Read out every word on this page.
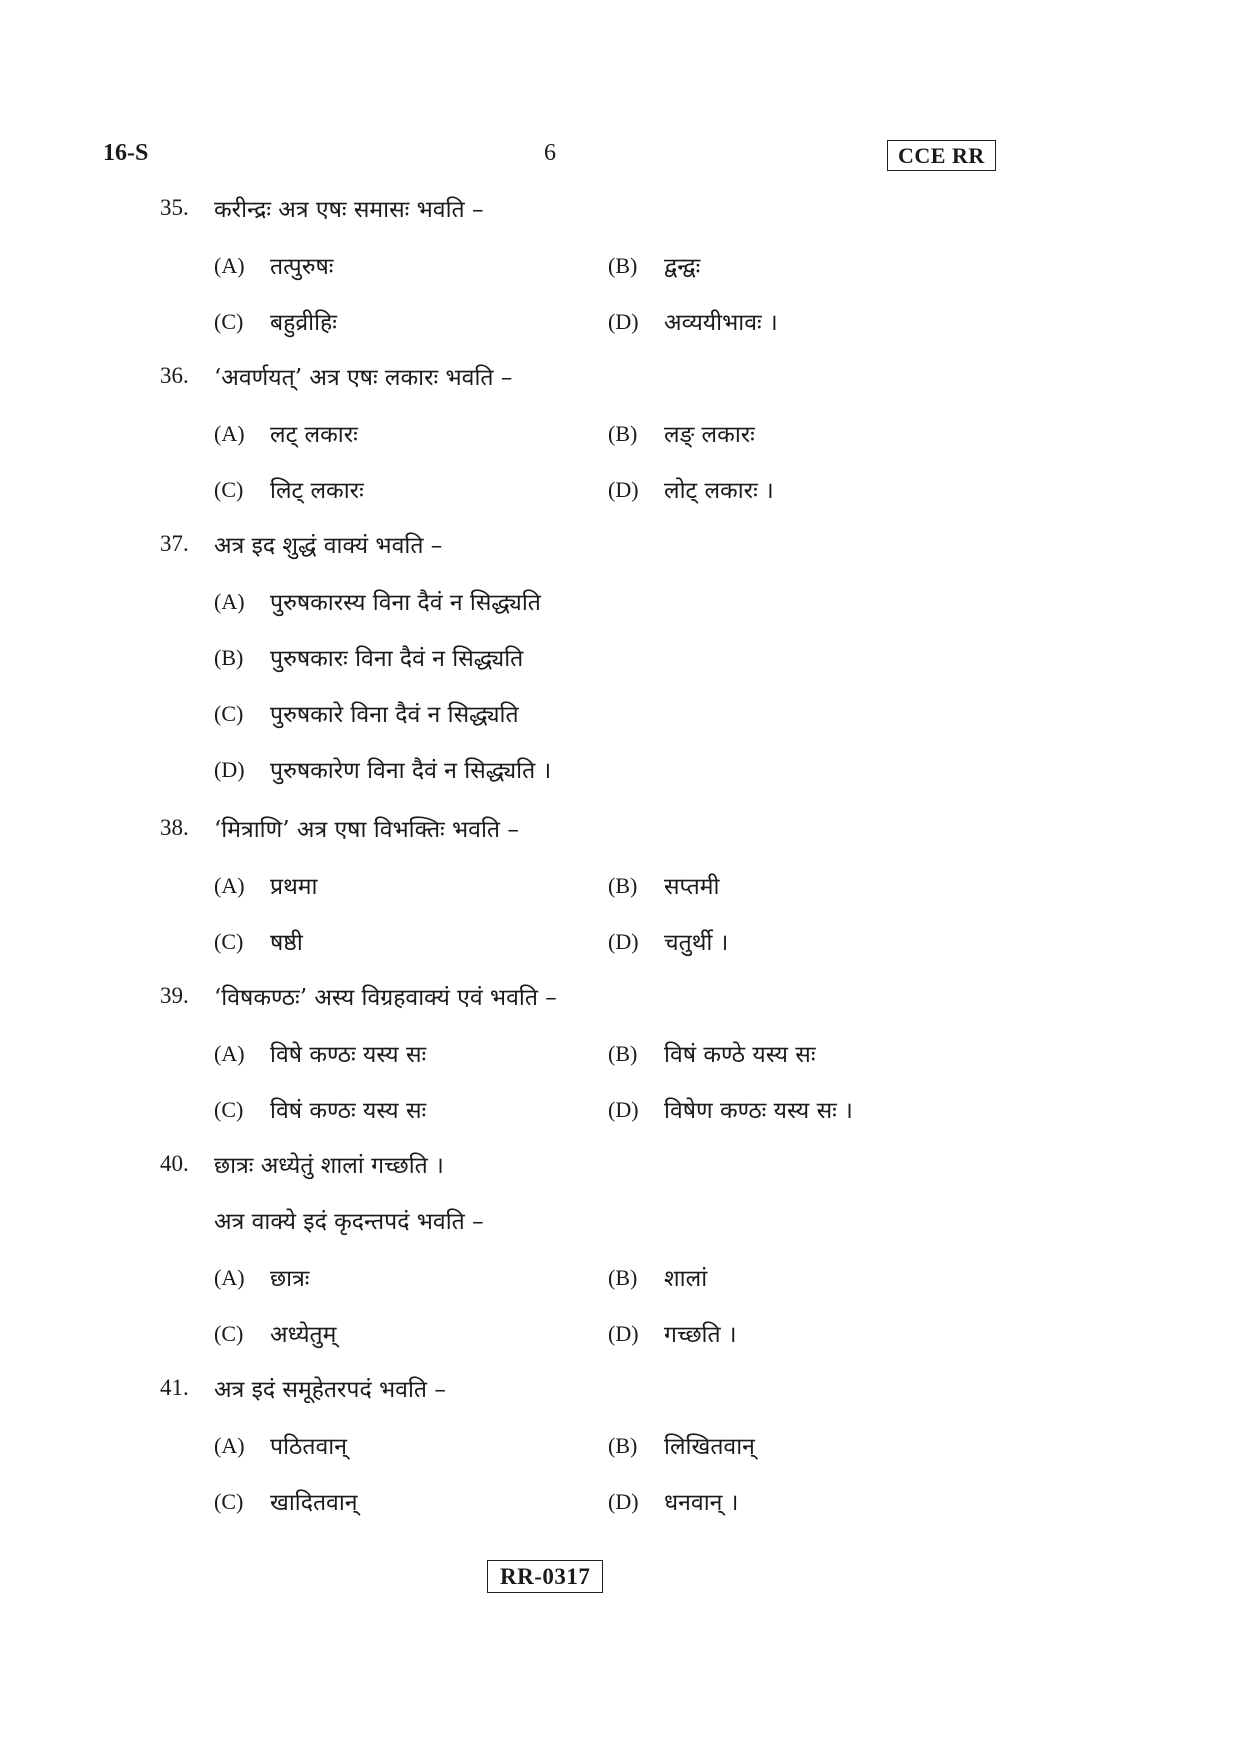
16-S	6	CCE RR
35.	करीन्द्रः अत्र एषः समासः भवति –
(A) तत्पुरुषः	(B) द्वन्द्वः
(C) बहुव्रीहिः	(D) अव्ययीभावः ।
36.	‘अवर्णयत्’ अत्र एषः लकारः भवति –
(A) लट् लकारः	(B) लङ् लकारः
(C) लिट् लकारः	(D) लोट् लकारः ।
37.	अत्र इद शुद्धं वाक्यं भवति –
(A) पुरुषकारस्य विना दैवं न सिद्ध्यति
(B) पुरुषकारः विना दैवं न सिद्ध्यति
(C) पुरुषकारे विना दैवं न सिद्ध्यति
(D) पुरुषकारेण विना दैवं न सिद्ध्यति ।
38.	‘मित्राणि’ अत्र एषा विभक्तिः भवति –
(A) प्रथमा	(B) सप्तमी
(C) षष्ठी	(D) चतुर्थी ।
39.	‘विषकण्ठः’ अस्य विग्रहवाक्यं एवं भवति –
(A) विषे कण्ठः यस्य सः	(B) विषं कण्ठे यस्य सः
(C) विषं कण्ठः यस्य सः	(D) विषेण कण्ठः यस्य सः ।
40.	छात्रः अध्येतुं शालां गच्छति ।
अत्र वाक्ये इदं कृदन्तपदं भवति –
(A) छात्रः	(B) शालां
(C) अध्येतुम्	(D) गच्छति ।
41.	अत्र इदं समूहेतरपदं भवति –
(A) पठितवान्	(B) लिखितवान्
(C) खादितवान्	(D) धनवान् ।
RR-0317
